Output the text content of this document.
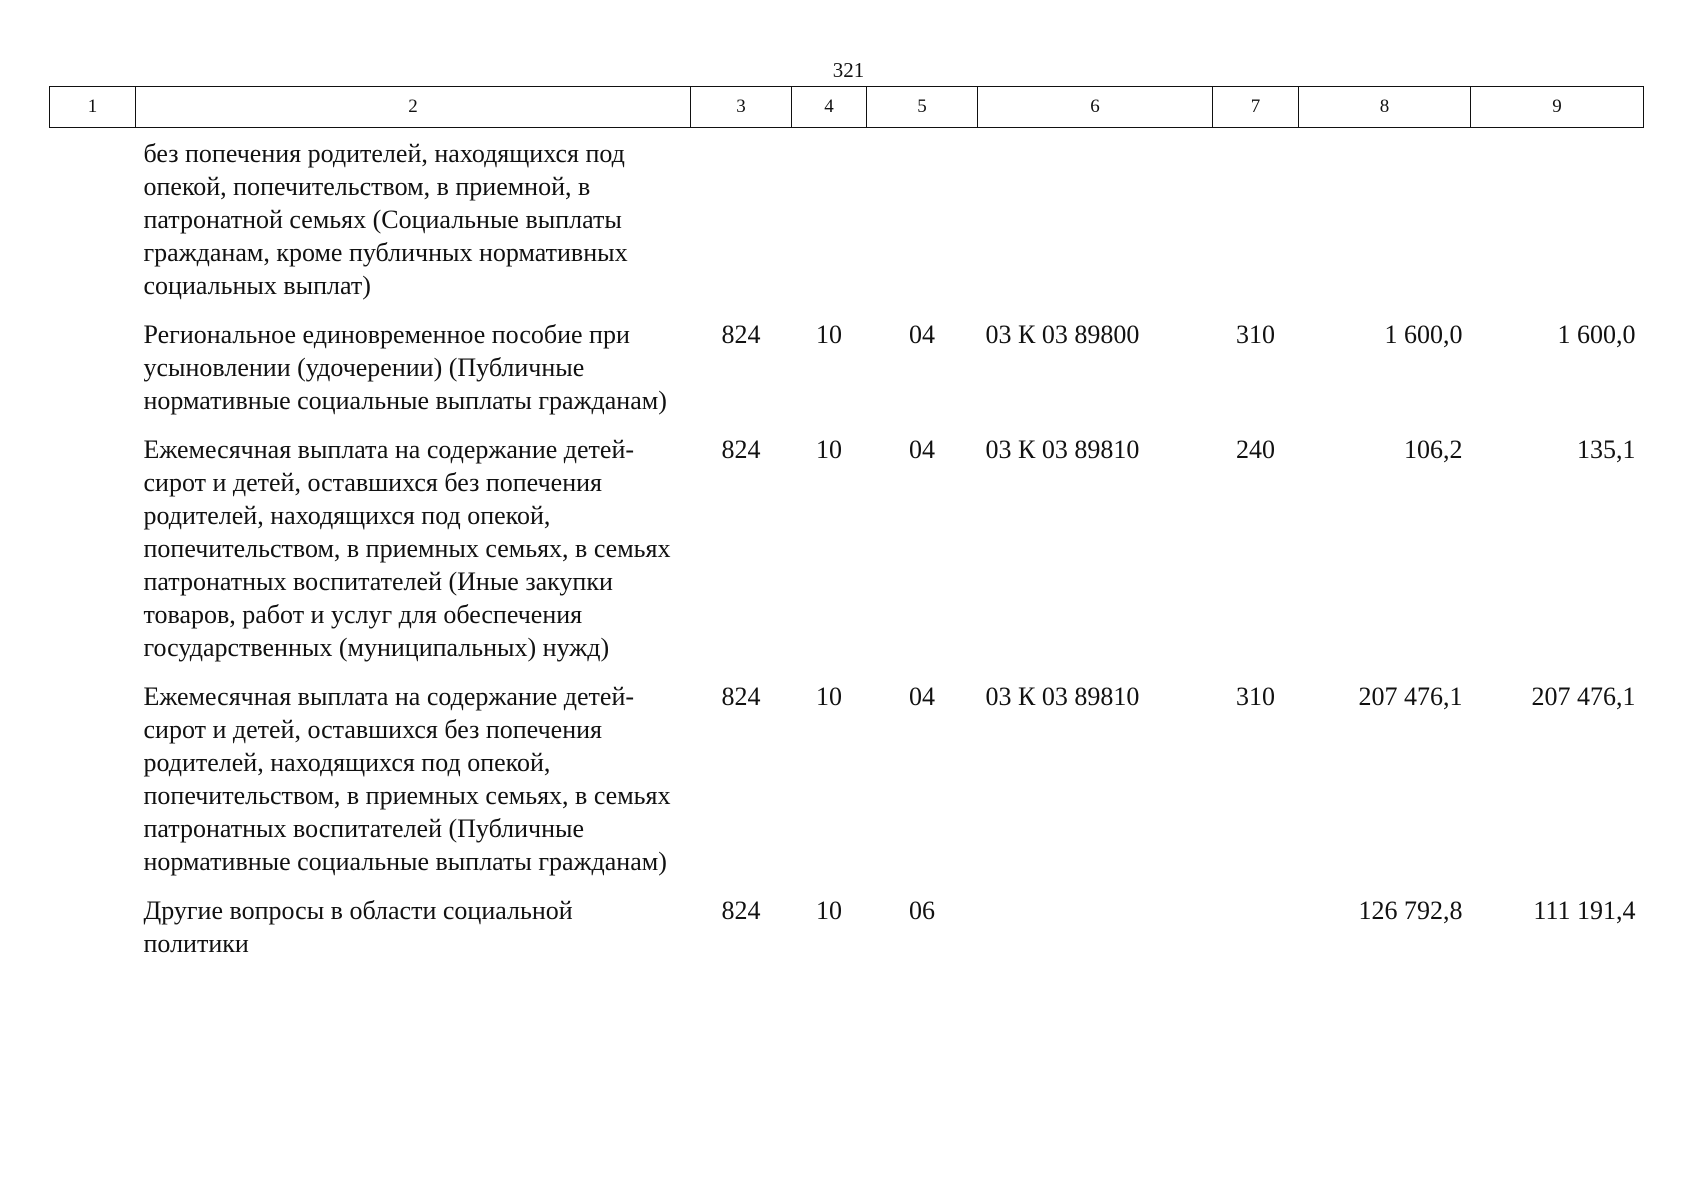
321
1	2	3	4	5	6	7	8	9
	без попечения родителей, находящихся под опекой, попечительством, в приемной, в патронатной семьях (Социальные выплаты гражданам, кроме публичных нормативных социальных выплат)							
	Региональное единовременное пособие при усыновлении (удочерении) (Публичные нормативные социальные выплаты гражданам)	824	10	04	03 К 03 89800	310	1 600,0	1 600,0
	Ежемесячная выплата на содержание детей-сирот и детей, оставшихся без попечения родителей, находящихся под опекой, попечительством, в приемных семьях, в семьях патронатных воспитателей (Иные закупки товаров, работ и услуг для обеспечения государственных (муниципальных) нужд)	824	10	04	03 К 03 89810	240	106,2	135,1
	Ежемесячная выплата на содержание детей-сирот и детей, оставшихся без попечения родителей, находящихся под опекой, попечительством, в приемных семьях, в семьях патронатных воспитателей (Публичные нормативные социальные выплаты гражданам)	824	10	04	03 К 03 89810	310	207 476,1	207 476,1
	Другие вопросы в области социальной политики	824	10	06			126 792,8	111 191,4
